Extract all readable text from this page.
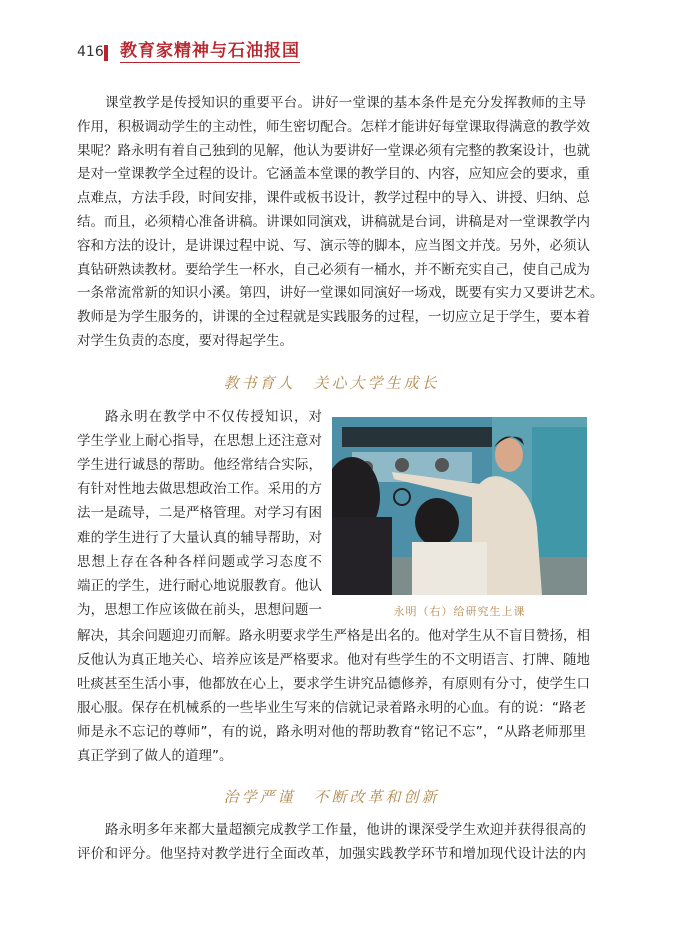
416 教育家精神与石油报国
课堂教学是传授知识的重要平台。讲好一堂课的基本条件是充分发挥教师的主导
作用，积极调动学生的主动性，师生密切配合。怎样才能讲好每堂课取得满意的教学效
果呢？路永明有着自己独到的见解，他认为要讲好一堂课必须有完整的教案设计，也就
是对一堂课教学全过程的设计。它涵盖本堂课的教学目的、内容，应知应会的要求，重
点难点，方法手段，时间安排，课件或板书设计，教学过程中的导入、讲授、归纳、总
结。而且，必须精心准备讲稿。讲课如同演戏，讲稿就是台词，讲稿是对一堂课教学内
容和方法的设计，是讲课过程中说、写、演示等的脚本，应当图文并茂。另外，必须认
真钻研熟读教材。要给学生一杯水，自己必须有一桶水，并不断充实自己，使自己成为
一条常流常新的知识小溪。第四，讲好一堂课如同演好一场戏，既要有实力又要讲艺术。
教师是为学生服务的，讲课的全过程就是实践服务的过程，一切应立足于学生，要本着
对学生负责的态度，要对得起学生。
教书育人　关心大学生成长
路永明在教学中不仅传授知识，对
学生学业上耐心指导，在思想上还注意对
学生进行诚恳的帮助。他经常结合实际，
有针对性地去做思想政治工作。采用的方
法一是疏导，二是严格管理。对学习有困
难的学生进行了大量认真的辅导帮助，对
思想上存在各种各样问题或学习态度不
端正的学生，进行耐心地说服教育。他认
为，思想工作应该做在前头，思想问题一	永明（右）给研究生上课
解决，其余问题迎刃而解。路永明要求学生严格是出名的。他对学生从不盲目赞扬，相
反他认为真正地关心、培养应该是严格要求。他对有些学生的不文明语言、打牌、随地
吐痰甚至生活小事，他都放在心上，要求学生讲究品德修养，有原则有分寸，使学生口
服心服。保存在机械系的一些毕业生写来的信就记录着路永明的心血。有的说：“路老
师是永不忘记的尊师”，有的说，路永明对他的帮助教育“铭记不忘”，“从路老师那里
真正学到了做人的道理”。
治学严谨　不断改革和创新
路永明多年来都大量超额完成教学工作量，他讲的课深受学生欢迎并获得很高的
评价和评分。他坚持对教学进行全面改革，加强实践教学环节和增加现代设计法的内
